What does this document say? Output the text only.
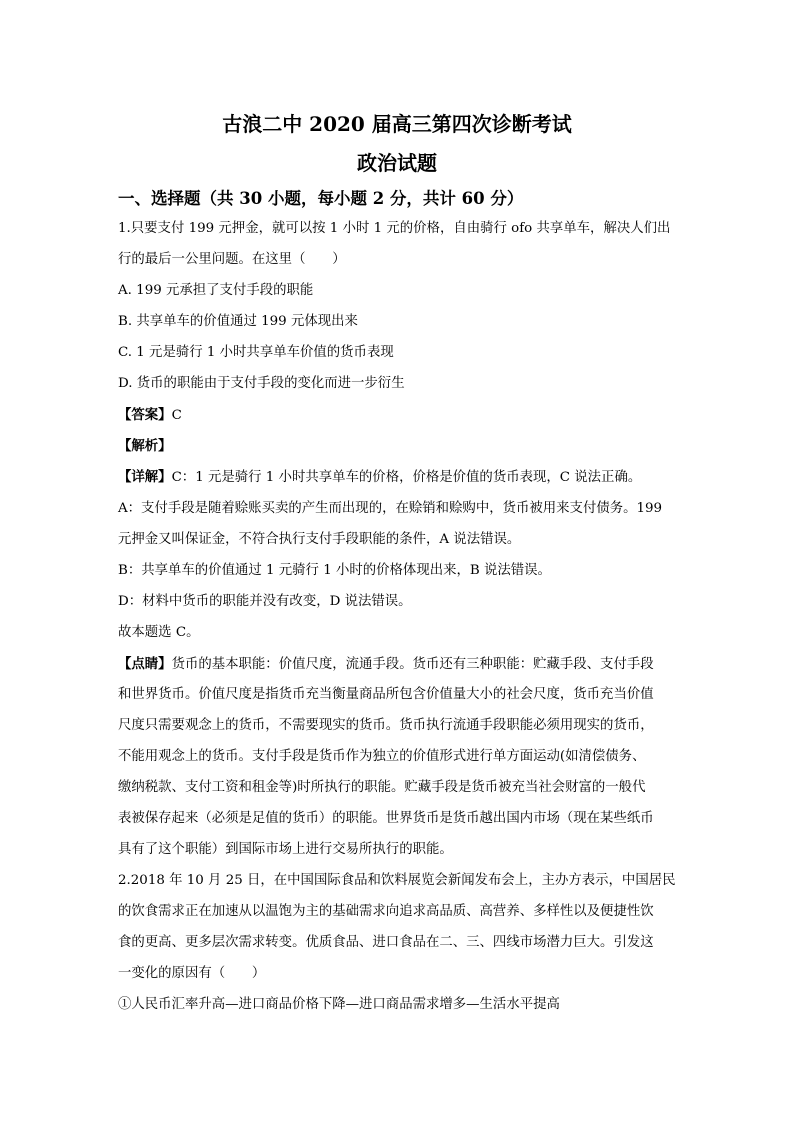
古浪二中 2020 届高三第四次诊断考试
政治试题
一、选择题（共 30 小题，每小题 2 分，共计 60 分）
1.只要支付 199 元押金，就可以按 1 小时 1 元的价格，自由骑行 ofo 共享单车，解决人们出
行的最后一公里问题。在这里（　　）
A. 199 元承担了支付手段的职能
B. 共享单车的价值通过 199 元体现出来
C. 1 元是骑行 1 小时共享单车价值的货币表现
D. 货币的职能由于支付手段的变化而进一步衍生
【答案】C
【解析】
【详解】C：1 元是骑行 1 小时共享单车的价格，价格是价值的货币表现，C 说法正确。
A：支付手段是随着赊账买卖的产生而出现的，在赊销和赊购中，货币被用来支付债务。199
元押金又叫保证金，不符合执行支付手段职能的条件，A 说法错误。
B：共享单车的价值通过 1 元骑行 1 小时的价格体现出来，B 说法错误。
D：材料中货币的职能并没有改变，D 说法错误。
故本题选 C。
【点睛】货币的基本职能：价值尺度，流通手段。货币还有三种职能：贮藏手段、支付手段
和世界货币。价值尺度是指货币充当衡量商品所包含价值量大小的社会尺度，货币充当价值
尺度只需要观念上的货币，不需要现实的货币。货币执行流通手段职能必须用现实的货币，
不能用观念上的货币。支付手段是货币作为独立的价值形式进行单方面运动(如清偿债务、
缴纳税款、支付工资和租金等)时所执行的职能。贮藏手段是货币被充当社会财富的一般代
表被保存起来（必须是足值的货币）的职能。世界货币是货币越出国内市场（现在某些纸币
具有了这个职能）到国际市场上进行交易所执行的职能。
2.2018 年 10 月 25 日，在中国国际食品和饮料展览会新闻发布会上，主办方表示，中国居民
的饮食需求正在加速从以温饱为主的基础需求向追求高品质、高营养、多样性以及便捷性饮
食的更高、更多层次需求转变。优质食品、进口食品在二、三、四线市场潜力巨大。引发这
一变化的原因有（　　）
①人民币汇率升高—进口商品价格下降—进口商品需求增多—生活水平提高
